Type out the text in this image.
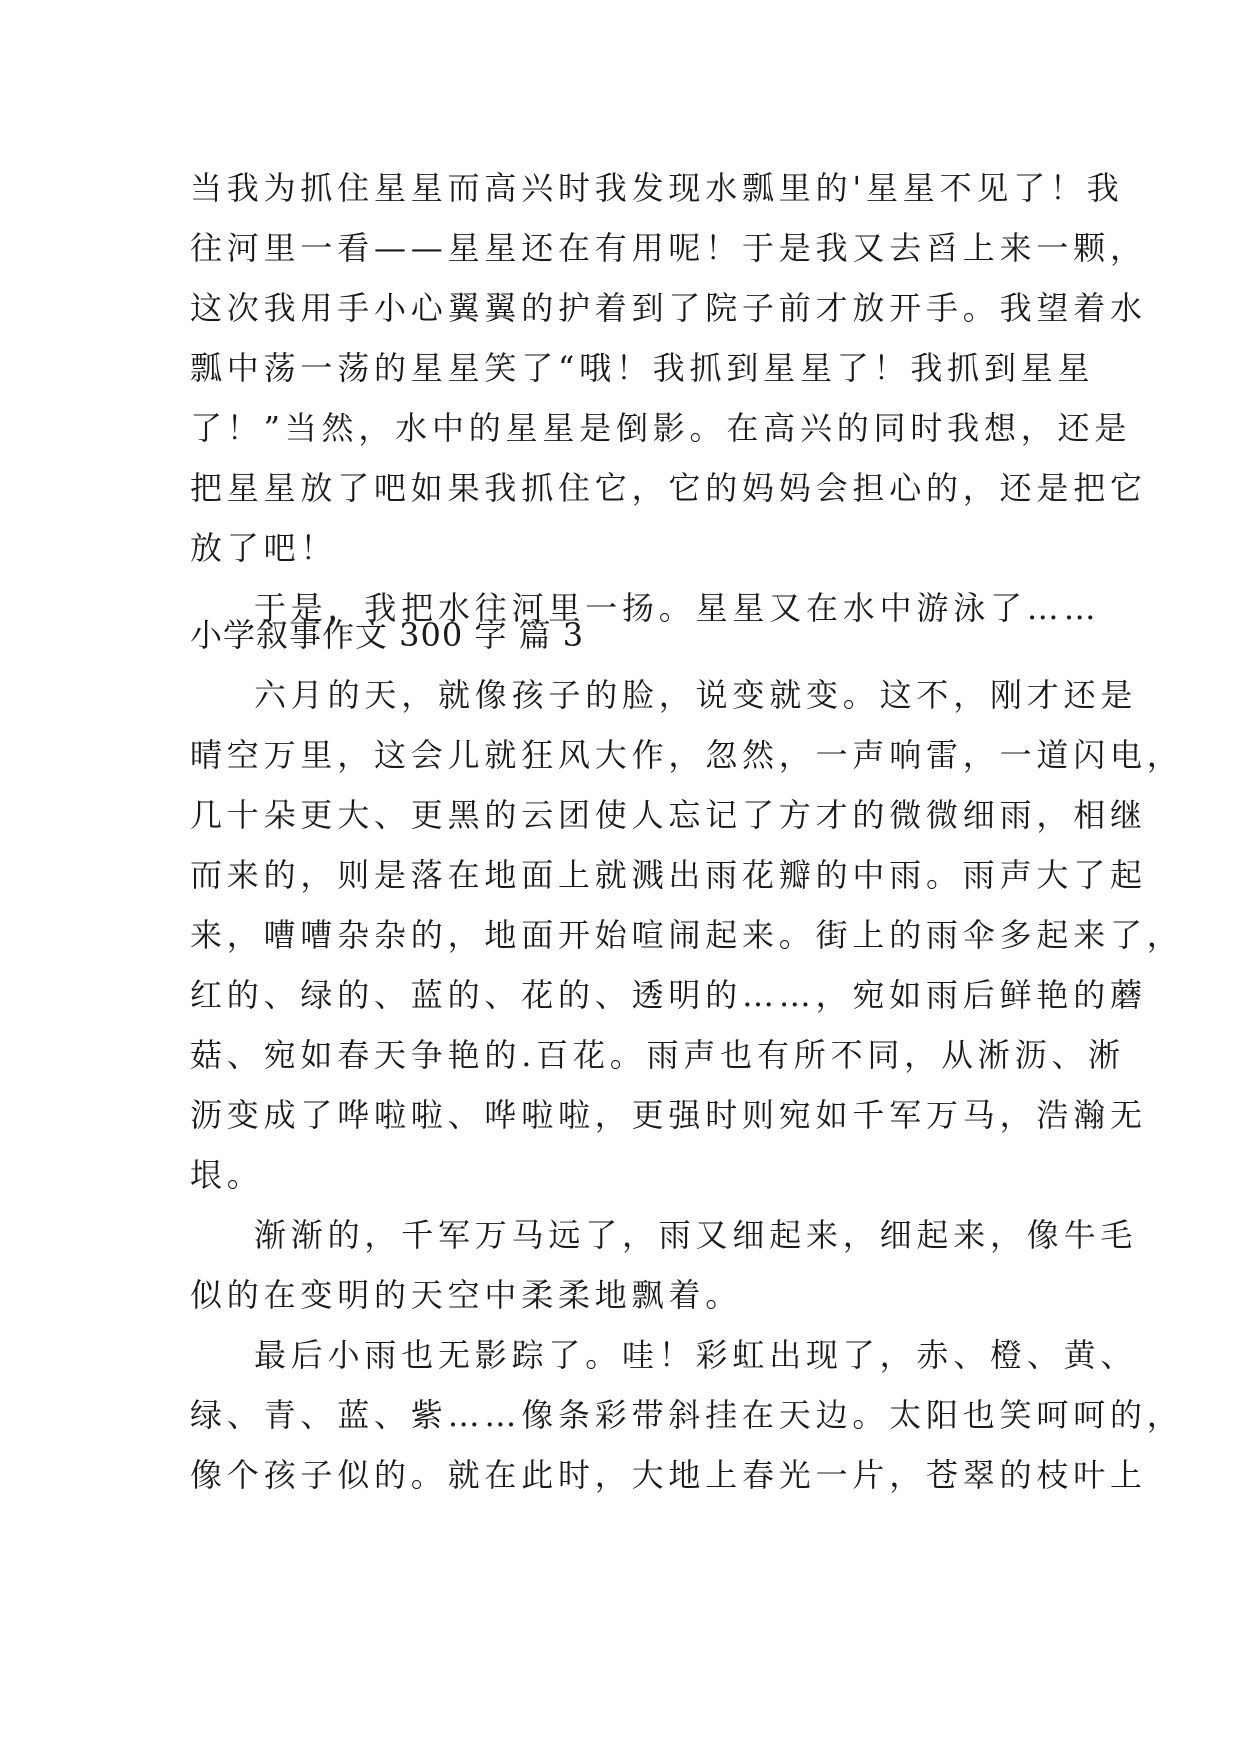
当我为抓住星星而高兴时我发现水瓢里的'星星不见了！我
往河里一看——星星还在有用呢！于是我又去舀上来一颗，
这次我用手小心翼翼的护着到了院子前才放开手。我望着水
瓢中荡一荡的星星笑了“哦！我抓到星星了！我抓到星星
了！”当然，水中的星星是倒影。在高兴的同时我想，还是
把星星放了吧如果我抓住它，它的妈妈会担心的，还是把它
放了吧！
于是，我把水往河里一扬。星星又在水中游泳了……
小学叙事作文 300 字 篇 3
六月的天，就像孩子的脸，说变就变。这不，刚才还是
晴空万里，这会儿就狂风大作，忽然，一声响雷，一道闪电，
几十朵更大、更黑的云团使人忘记了方才的微微细雨，相继
而来的，则是落在地面上就溅出雨花瓣的中雨。雨声大了起
来，嘈嘈杂杂的，地面开始喧闹起来。街上的雨伞多起来了，
红的、绿的、蓝的、花的、透明的……，宛如雨后鲜艳的蘑
菇、宛如春天争艳的.百花。雨声也有所不同，从淅沥、淅
沥变成了哗啦啦、哗啦啦，更强时则宛如千军万马，浩瀚无
垠。
渐渐的，千军万马远了，雨又细起来，细起来，像牛毛
似的在变明的天空中柔柔地飘着。
最后小雨也无影踪了。哇！彩虹出现了，赤、橙、黄、
绿、青、蓝、紫……像条彩带斜挂在天边。太阳也笑呵呵的，
像个孩子似的。就在此时，大地上春光一片，苍翠的枝叶上
